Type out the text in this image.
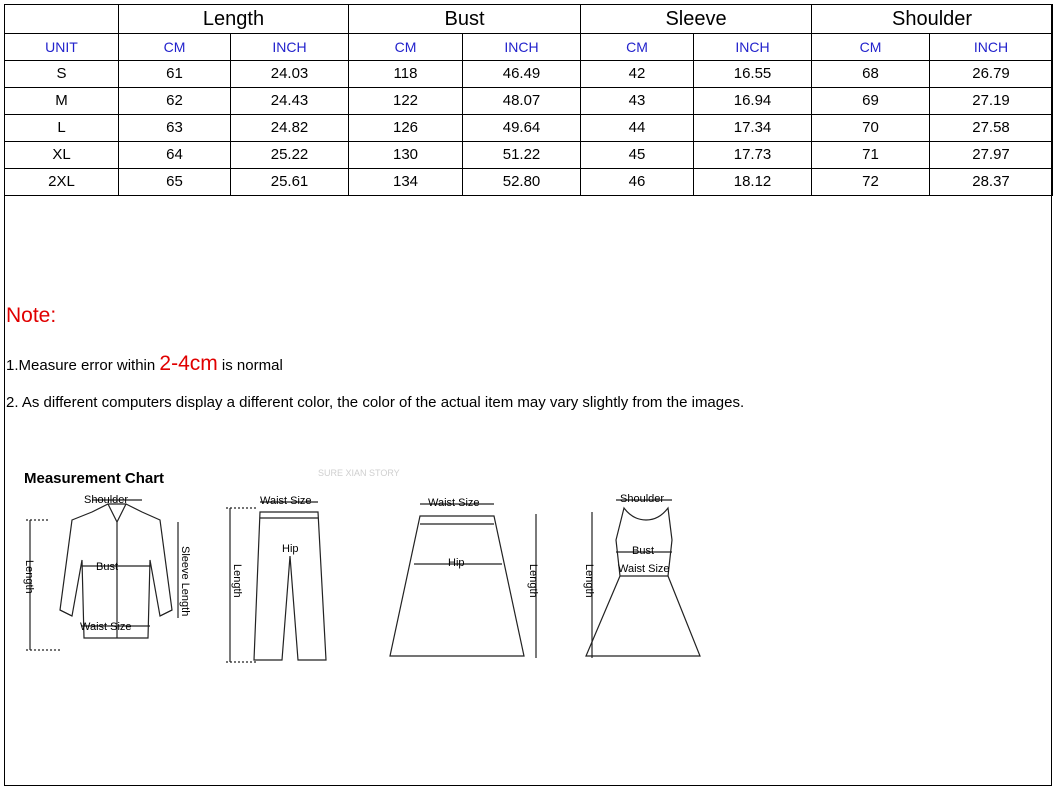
	Length		Bust		Sleeve		Shoulder	
UNIT	CM	INCH	CM	INCH	CM	INCH	CM	INCH
S	61	24.03	118	46.49	42	16.55	68	26.79
M	62	24.43	122	48.07	43	16.94	69	27.19
L	63	24.82	126	49.64	44	17.34	70	27.58
XL	64	25.22	130	51.22	45	17.73	71	27.97
2XL	65	25.61	134	52.80	46	18.12	72	28.37
Note:
1.Measure error within 2-4cm is normal
2. As different computers display a different color, the color of the actual item may vary slightly from the images.
Measurement Chart	SURE XIAN STORY
Shoulder
Bust
Waist Size
Length	Sleeve Length
Waist Size
Hip
Length
Waist Size
Hip
Length
Shoulder
Bust
Waist Size
Length
